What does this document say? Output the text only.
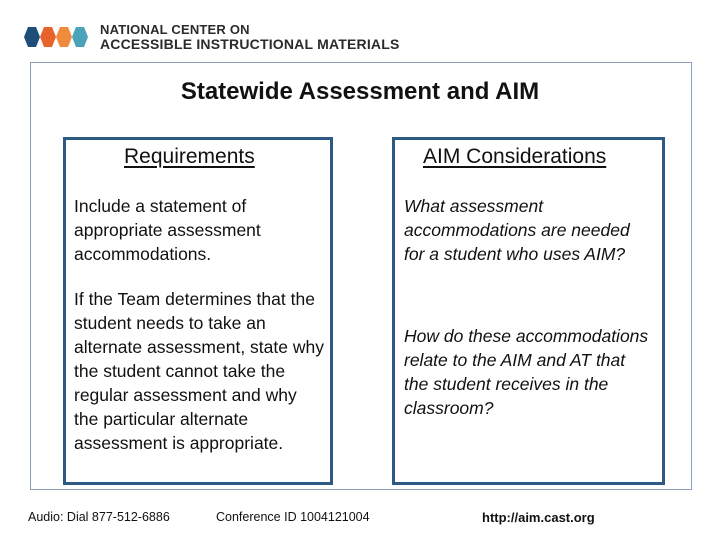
NATIONAL CENTER ON
ACCESSIBLE INSTRUCTIONAL MATERIALS
Statewide Assessment and AIM
Requirements	AIM Considerations
Include a statement of appropriate assessment accommodations.
If the Team determines that the student needs to take an alternate assessment, state why the student cannot take the regular assessment and why the particular alternate assessment is appropriate.
What assessment accommodations are needed for a student who uses AIM?
How do these accommodations relate to the AIM and AT that the student receives in the classroom?
Audio: Dial 877-512-6886	Conference ID 1004121004	http://aim.cast.org
